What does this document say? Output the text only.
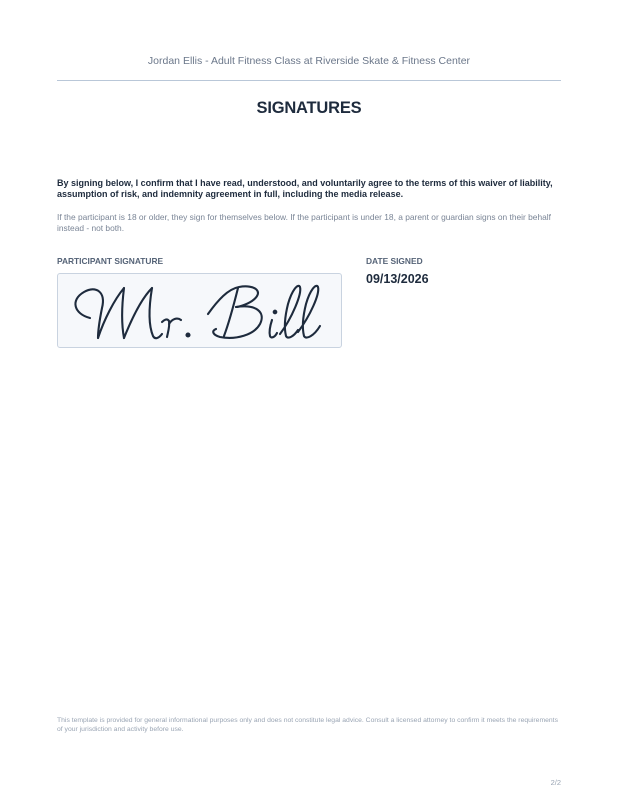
Jordan Ellis - Adult Fitness Class at Riverside Skate & Fitness Center
SIGNATURES
By signing below, I confirm that I have read, understood, and voluntarily agree to the terms of this waiver of liability, assumption of risk, and indemnity agreement in full, including the media release.
If the participant is 18 or older, they sign for themselves below. If the participant is under 18, a parent or guardian signs on their behalf instead - not both.
PARTICIPANT SIGNATURE	DATE SIGNED
09/13/2026
This template is provided for general informational purposes only and does not constitute legal advice. Consult a licensed attorney to confirm it meets the requirements of your jurisdiction and activity before use.
2/2
